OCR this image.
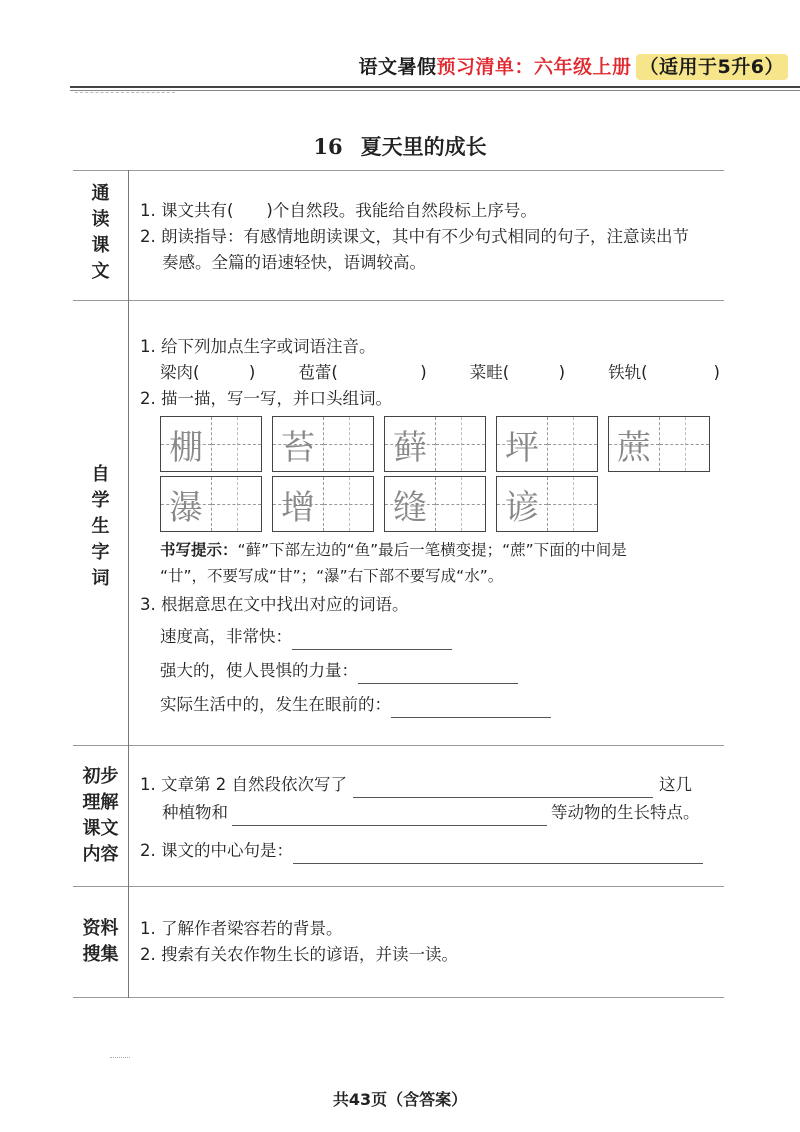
语文暑假预习清单：六年级上册 （适用于5升6）
16 夏天里的成长
通
读
课
文

1. 课文共有(　　)个自然段。我能给自然段标上序号。

2. 朗读指导：有感情地朗读课文，其中有不少句式相同的句子，注意读出节

奏感。全篇的语速轻快，语调较高。

自
学
生
字
词
1. 给下列加点生字或词语注音。
梁肉(　　　)	苞蕾(　　　　　)	菜畦(　　　)	铁轨(　　　　)
2. 描一描，写一写，并口头组词。
棚 苔 藓 坪 蔗
瀑 增 缝 谚

书写提示：“藓”下部左边的“鱼”最后一笔横变提；“蔗”下面的中间是

“廿”，不要写成“甘”；“瀑”右下部不要写成“水”。

3. 根据意思在文中找出对应的词语。
速度高，非常快：
强大的，使人畏惧的力量：
实际生活中的，发生在眼前的：
初步
理解
课文
内容
1. 文章第 2 自然段依次写了	这几
种植物和	等动物的生长特点。
2. 课文的中心句是：
资料
搜集

1. 了解作者梁容若的背景。

2. 搜索有关农作物生长的谚语，并读一读。

共43页（含答案）
